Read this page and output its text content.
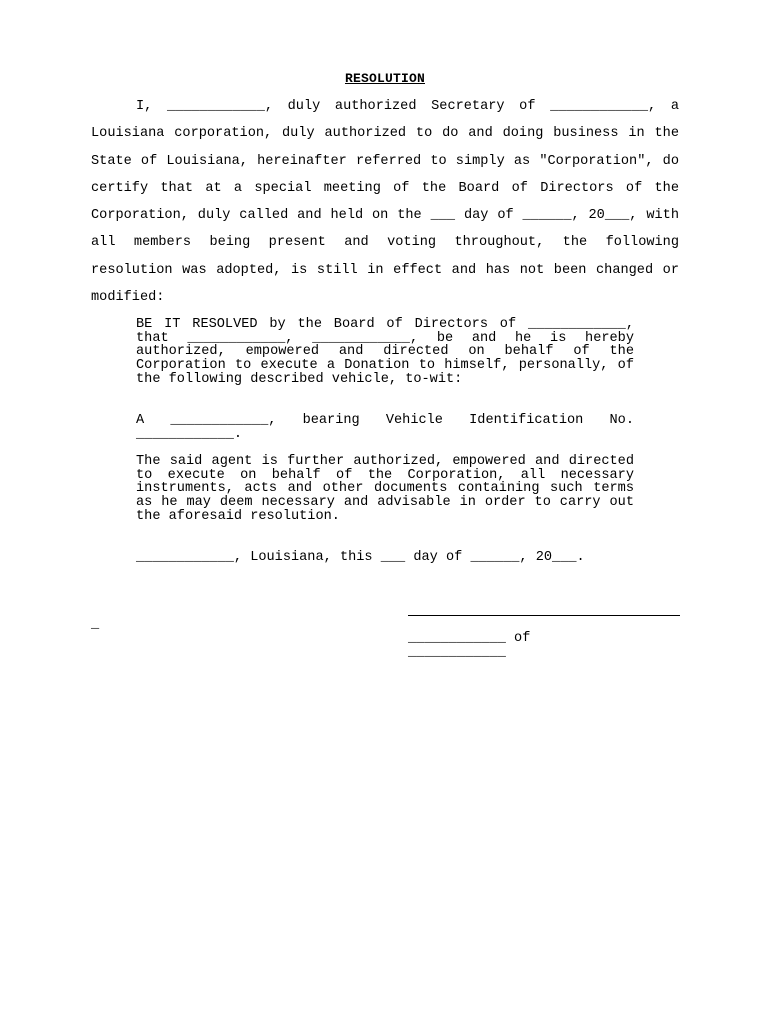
RESOLUTION

I, ____________, duly authorized Secretary of ____________, a Louisiana corporation, duly authorized to do and doing business in the State of Louisiana, hereinafter referred to simply as "Corporation", do certify that at a special meeting of the Board of Directors of the Corporation, duly called and held on the ___ day of ______, 20___, with all members being present and voting throughout, the following resolution was adopted, is still in effect and has not been changed or modified:

BE IT RESOLVED by the Board of Directors of ____________, that ____________, ____________, be and he is hereby authorized, empowered and directed on behalf of the Corporation to execute a Donation to himself, personally, of the following described vehicle, to-wit:

A ____________, bearing Vehicle Identification No. ____________.

The said agent is further authorized, empowered and directed to execute on behalf of the Corporation, all necessary instruments, acts and other documents containing such terms as he may deem necessary and advisable in order to carry out the aforesaid resolution.

____________, Louisiana, this ___ day of ______, 20___.

_
____________ of
____________
